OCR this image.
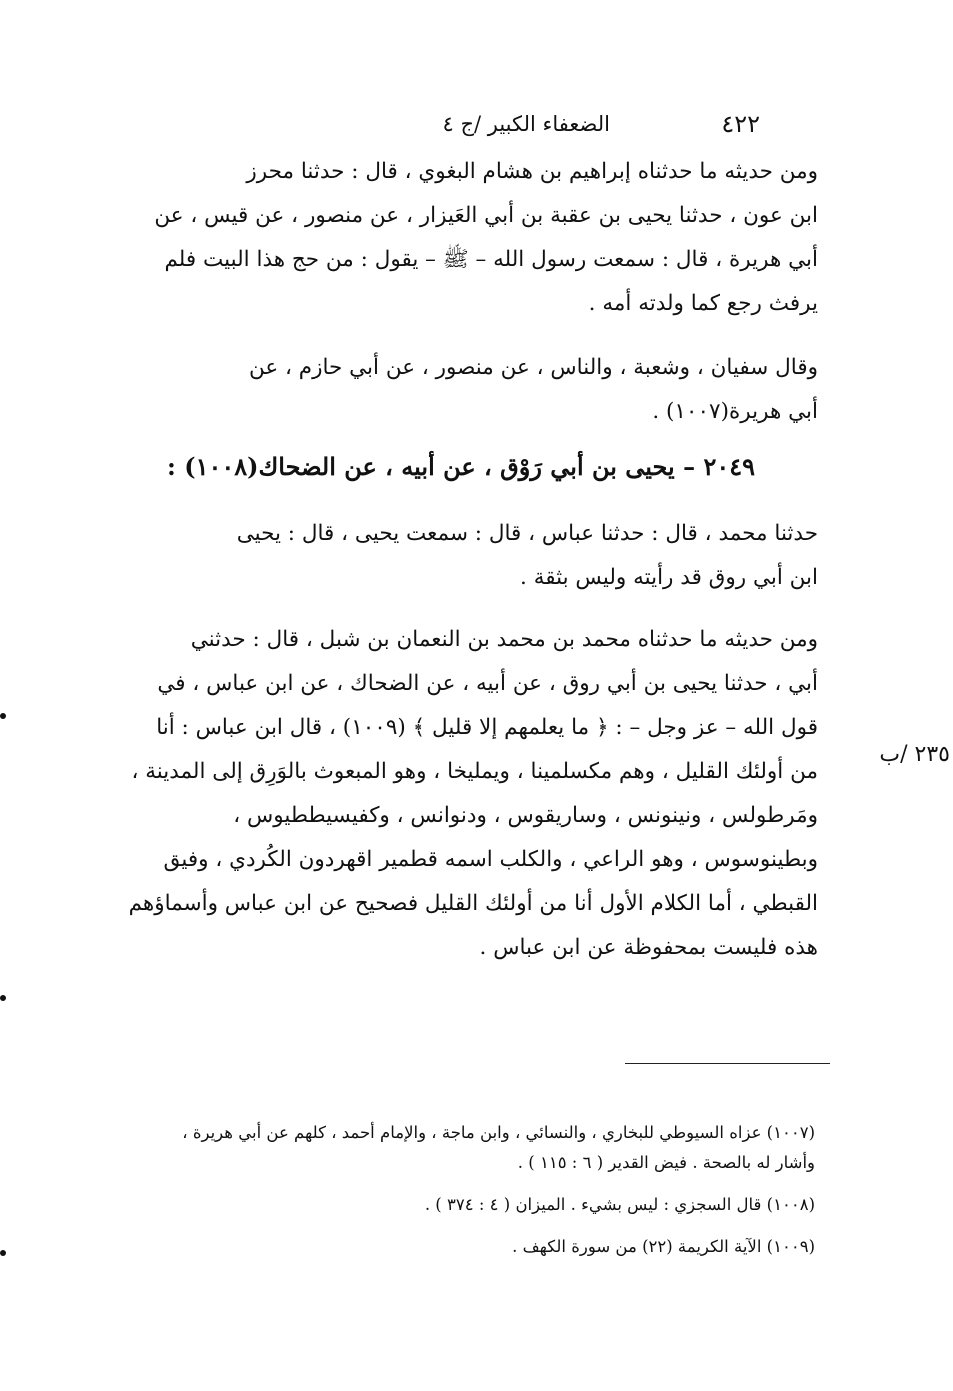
٤٢٢
الضعفاء الكبير /ج ٤
ومن حديثه ما حدثناه إبراهيم بن هشام البغوي ، قال : حدثنا محرز
ابن عون ، حدثنا يحيى بن عقبة بن أبي العَيزار ، عن منصور ، عن قيس ، عن
أبي هريرة ، قال : سمعت رسول الله – ﷺ – يقول : من حج هذا البيت فلم
يرفث رجع كما ولدته أمه .
وقال سفيان ، وشعبة ، والناس ، عن منصور ، عن أبي حازم ، عن
أبي هريرة(١٠٠٧) .
٢٠٤٩ – يحيى بن أبي رَوْق ، عن أبيه ، عن الضحاك(١٠٠٨) :
حدثنا محمد ، قال : حدثنا عباس ، قال : سمعت يحيى ، قال : يحيى
ابن أبي روق قد رأيته وليس بثقة .
ومن حديثه ما حدثناه محمد بن محمد بن النعمان بن شبل ، قال : حدثني
أبي ، حدثنا يحيى بن أبي روق ، عن أبيه ، عن الضحاك ، عن ابن عباس ، في
قول الله – عز وجل – : ﴿ ما يعلمهم إلا قليل ﴾ (١٠٠٩) ، قال ابن عباس : أنا
من أولئك القليل ، وهم مكسلمينا ، ويمليخا ، وهو المبعوث بالوَرِق إلى المدينة ،
ومَرطولس ، ونينونس ، وساريقوس ، ودنوانس ، وكفيسيططيوس ،
وبطينوسوس ، وهو الراعي ، والكلب اسمه قطمير اقهردون الكُردي ، وفيق
القبطي ، أما الكلام الأول أنا من أولئك القليل فصحيح عن ابن عباس وأسماؤهم
هذه فليست بمحفوظة عن ابن عباس .
٢٣٥ /ب
(١٠٠٧) عزاه السيوطي للبخاري ، والنسائي ، وابن ماجة ، والإمام أحمد ، كلهم عن أبي هريرة ،
وأشار له بالصحة . فيض القدير ( ٦ : ١١٥ ) .
(١٠٠٨) قال السجزي : ليس بشيء . الميزان ( ٤ : ٣٧٤ ) .
(١٠٠٩) الآية الكريمة (٢٢) من سورة الكهف .
